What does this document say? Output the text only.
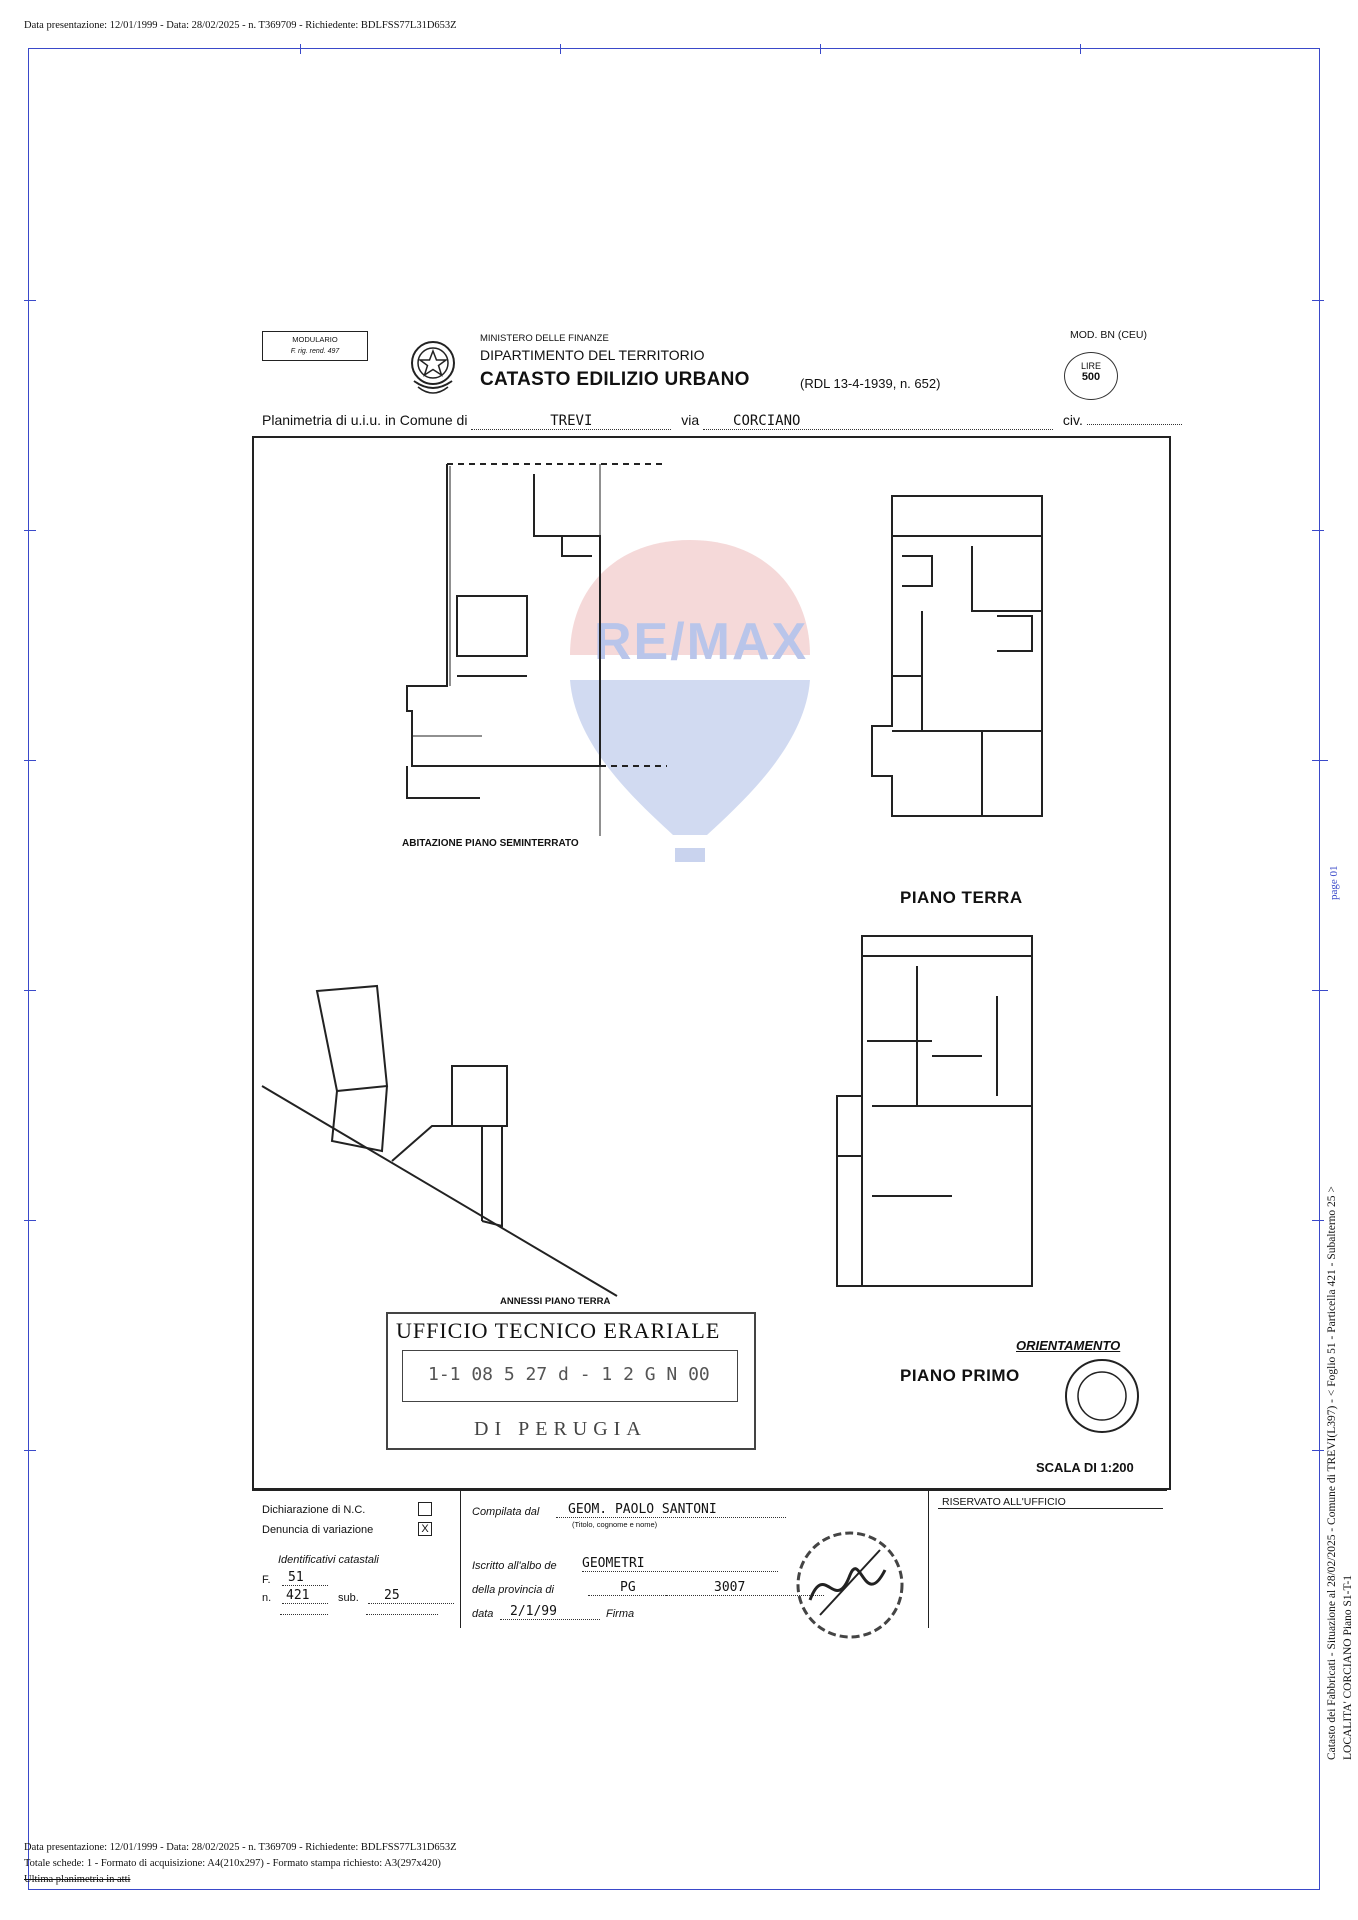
Data presentazione: 12/01/1999 - Data: 28/02/2025 - n. T369709 - Richiedente: BDLFSS77L31D653Z
Catasto dei Fabbricati - Situazione al 28/02/2025 - Comune di TREVI(L397) - < Foglio 51 - Particella 421 - Subalterno 25 > LOCALITA' CORCIANO Piano S1-T-1
page 01
MODULARIO
F. rig. rend. 497
MINISTERO DELLE FINANZE
DIPARTIMENTO DEL TERRITORIO
CATASTO EDILIZIO URBANO	(RDL 13-4-1939, n. 652)
MOD. BN (CEU)
LIRE
500
Planimetria di u.i.u. in Comune di	TREVI	via CORCIANO	civ.
RE/MAX
ABITAZIONE PIANO SEMINTERRATO
PIANO TERRA
ANNESSI PIANO TERRA
PIANO PRIMO
ORIENTAMENTO
SCALA DI 1:200
UFFICIO TECNICO ERARIALE
1-1 08 5 27 d - 1 2 G N 00
DI PERUGIA
Dichiarazione di N.C.
Denuncia di variazione	X
Identificativi catastali
F.	51
n.	421	sub.	25
Compilata dal	GEOM. PAOLO SANTONI
(Titolo, cognome e nome)
Iscritto all'albo de GEOMETRI
della provincia di	PG	3007
data	2/1/99	Firma
RISERVATO ALL'UFFICIO
Data presentazione: 12/01/1999 - Data: 28/02/2025 - n. T369709 - Richiedente: BDLFSS77L31D653Z
Totale schede: 1 - Formato di acquisizione: A4(210x297) - Formato stampa richiesto: A3(297x420)
Ultima planimetria in atti
